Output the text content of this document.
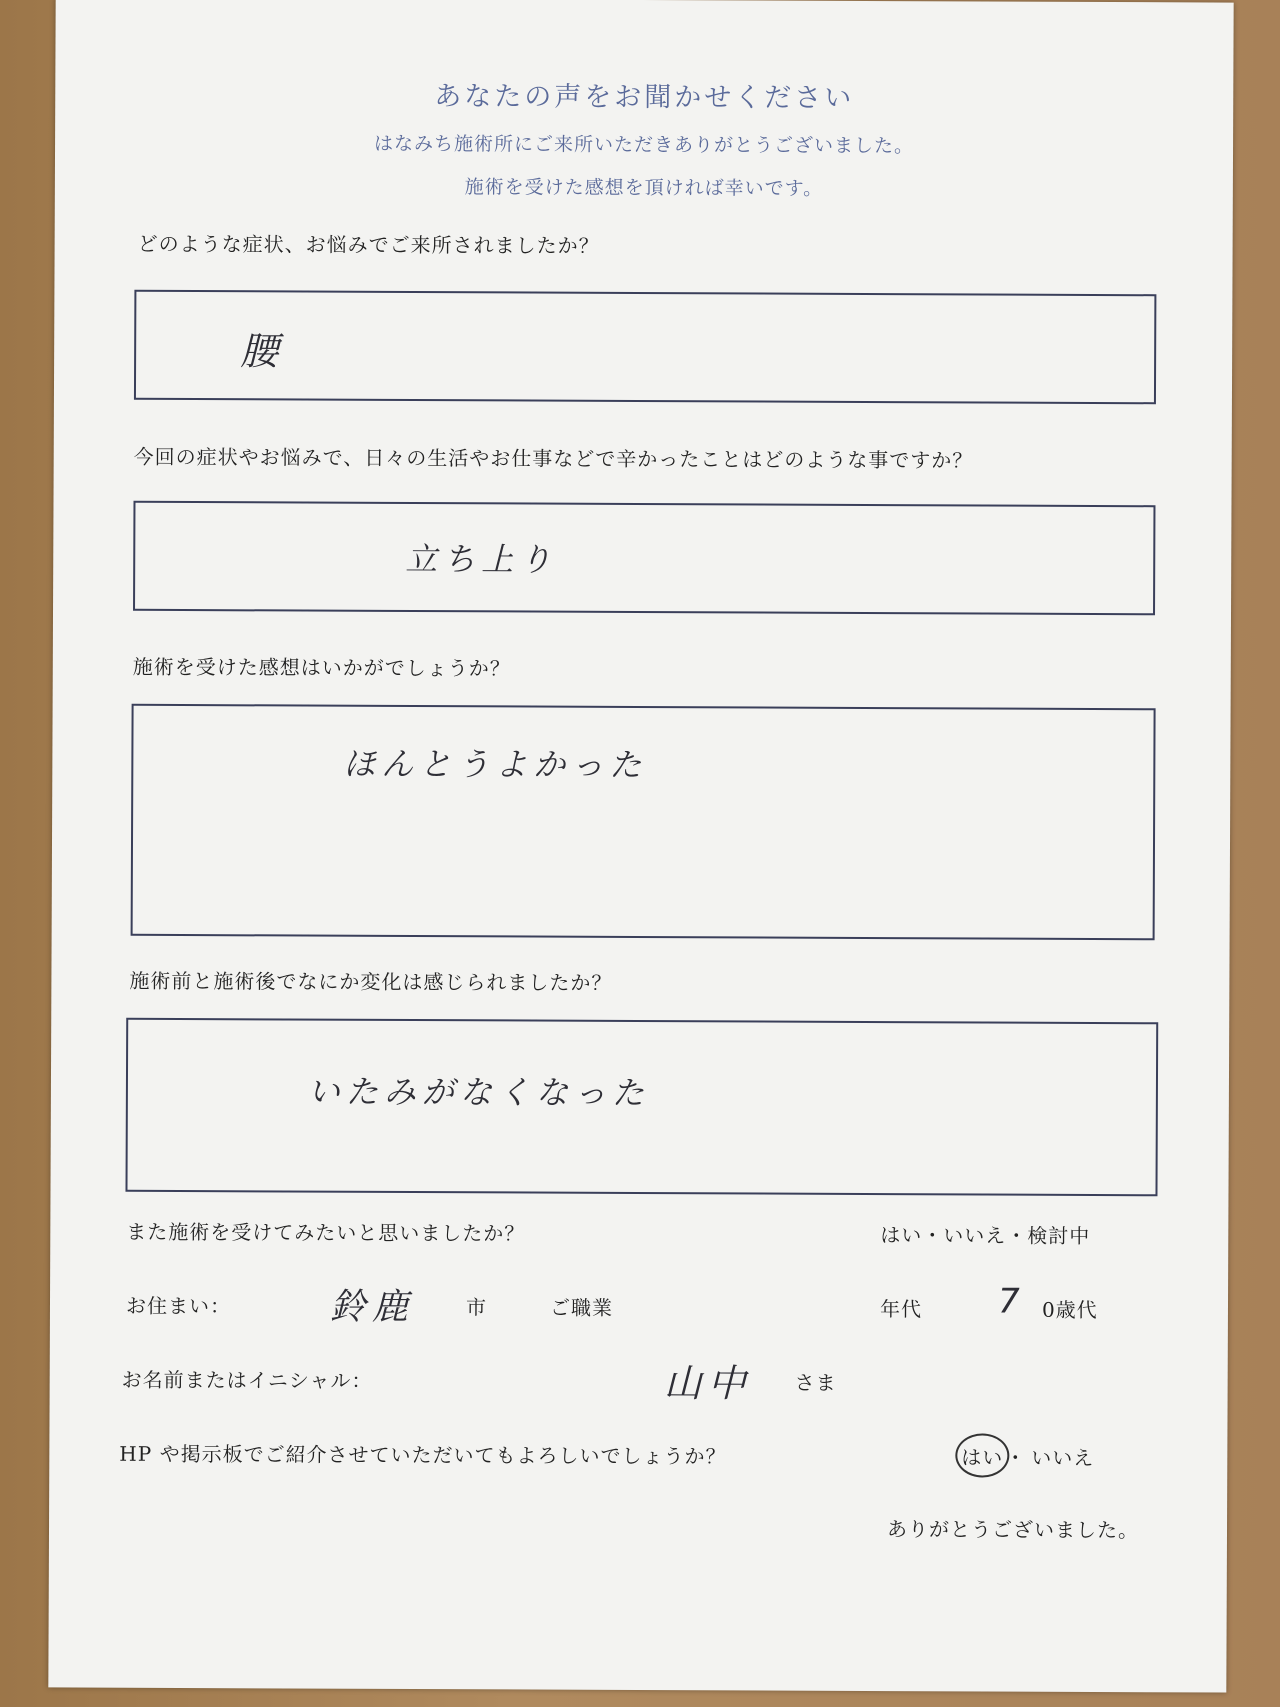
あなたの声をお聞かせください
はなみち施術所にご来所いただきありがとうございました。
施術を受けた感想を頂ければ幸いです。
どのような症状、お悩みでご来所されましたか？
腰
今回の症状やお悩みで、日々の生活やお仕事などで辛かったことはどのような事ですか？
立ち上り
施術を受けた感想はいかがでしょうか？
ほんとうよかった
施術前と施術後でなにか変化は感じられましたか？
いたみがなくなった
また施術を受けてみたいと思いましたか？	はい・いいえ・検討中
お住まい：	鈴鹿	市	ご職業	年代 7 0歳代
お名前またはイニシャル：	山中 さま
HP や掲示板でご紹介させていただいてもよろしいでしょうか？	はい ・ いいえ
ありがとうございました。
